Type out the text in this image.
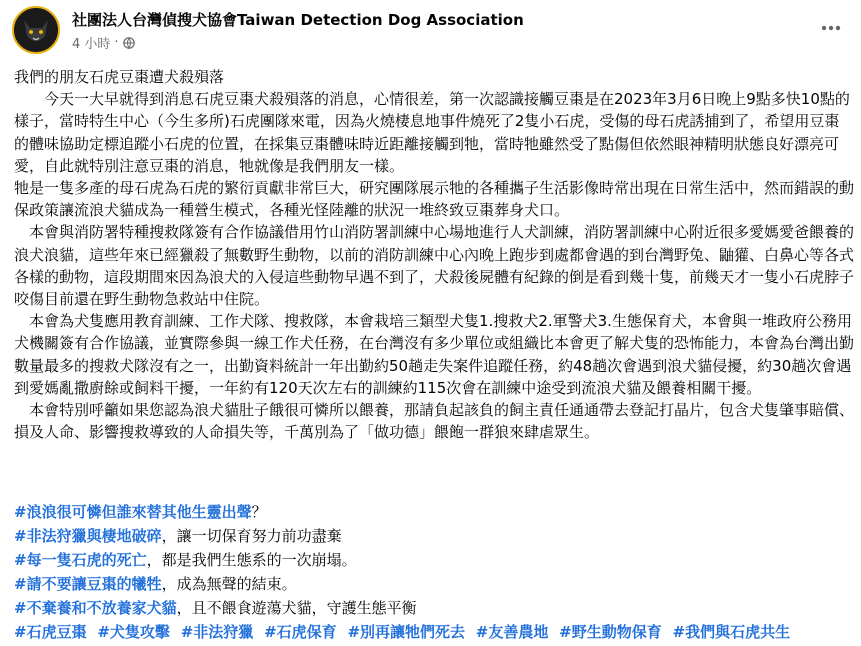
社團法人台灣偵搜犬協會Taiwan Detection Dog Association
4 小時 ·

我們的朋友石虎豆棗遭犬殺殞落

　　今天一大早就得到消息石虎豆棗犬殺殞落的消息，心情很差，第一次認識接觸豆棗是在2023年3月6日晚上9點多快10點的樣子，當時特生中心（今生多所)石虎團隊來電，因為火燒棲息地事件燒死了2隻小石虎，受傷的母石虎誘捕到了，希望用豆棗的體味協助定標追蹤小石虎的位置，在採集豆棗體味時近距離接觸到牠，當時牠雖然受了點傷但依然眼神精明狀態良好漂亮可愛，自此就特別注意豆棗的消息，牠就像是我們朋友一樣。

牠是一隻多產的母石虎為石虎的繁衍貢獻非常巨大，研究團隊展示牠的各種攜子生活影像時常出現在日常生活中，然而錯誤的動保政策讓流浪犬貓成為一種營生模式，各種光怪陸離的狀況一堆終致豆棗葬身犬口。

　本會與消防署特種搜救隊簽有合作協議借用竹山消防署訓練中心場地進行人犬訓練，消防署訓練中心附近很多愛媽愛爸餵養的浪犬浪貓，這些年來已經獵殺了無數野生動物，以前的消防訓練中心內晚上跑步到處都會遇的到台灣野兔、鼬獾、白鼻心等各式各樣的動物，這段期間來因為浪犬的入侵這些動物早遇不到了，犬殺後屍體有紀錄的倒是看到幾十隻，前幾天才一隻小石虎脖子咬傷目前還在野生動物急救站中住院。

　本會為犬隻應用教育訓練、工作犬隊、搜救隊，本會栽培三類型犬隻1.搜救犬2.軍警犬3.生態保育犬，本會與一堆政府公務用犬機關簽有合作協議，並實際參與一線工作犬任務，在台灣沒有多少單位或組織比本會更了解犬隻的恐怖能力，本會為台灣出勤數量最多的搜救犬隊沒有之一，出勤資料統計一年出勤約50趟走失案件追蹤任務，約48趟次會遇到浪犬貓侵擾，約30趟次會遇到愛媽亂撒廚餘或飼料干擾，一年約有120天次左右的訓練約115次會在訓練中途受到流浪犬貓及餵養相關干擾。

　本會特別呼籲如果您認為浪犬貓肚子餓很可憐所以餵養，那請負起該負的飼主責任通通帶去登記打晶片，包含犬隻肇事賠償、損及人命、影響搜救導致的人命損失等，千萬別為了「做功德」餵飽一群狼來肆虐眾生。

#浪浪很可憐但誰來替其他生靈出聲？
#非法狩獵與棲地破碎，讓一切保育努力前功盡棄
#每一隻石虎的死亡，都是我們生態系的一次崩塌。
#請不要讓豆棗的犧牲，成為無聲的結束。
#不棄養和不放養家犬貓，且不餵食遊蕩犬貓，守護生態平衡
#石虎豆棗 #犬隻攻擊 #非法狩獵 #石虎保育 #別再讓牠們死去 #友善農地 #野生動物保育 #我們與石虎共生
